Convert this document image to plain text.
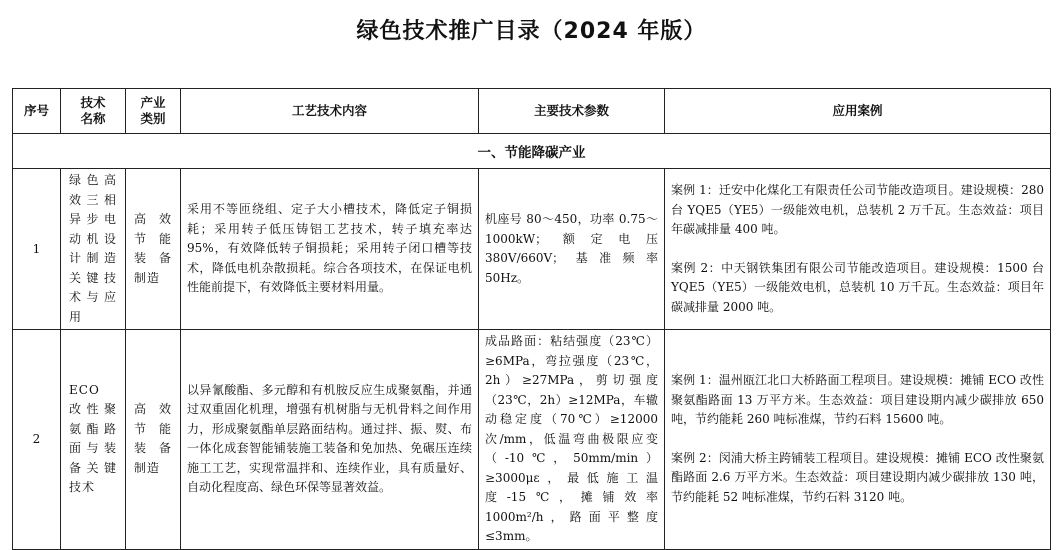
绿色技术推广目录（2024 年版）
序号	技术名称	产业类别	工艺技术内容	主要技术参数	应用案例
一、节能降碳产业					
1	绿色高效三相异步电动机设计制造关键技术与应用	高效节能装备制造	采用不等匝绕组、定子大小槽技术，降低定子铜损耗；采用转子低压铸铝工艺技术，转子填充率达 95%，有效降低转子铜损耗；采用转子闭口槽等技术，降低电机杂散损耗。综合各项技术，在保证电机性能前提下，有效降低主要材料用量。	机座号 80～450，功率 0.75～1000kW；额定电压 380V/660V；基准频率 50Hz。	案例 1：迁安中化煤化工有限责任公司节能改造项目。建设规模：280 台 YQE5（YE5）一级能效电机，总装机 2 万千瓦。生态效益：项目年碳减排量 400 吨。

案例 2：中天钢铁集团有限公司节能改造项目。建设规模：1500 台 YQE5（YE5）一级能效电机，总装机 10 万千瓦。生态效益：项目年碳减排量 2000 吨。

2	ECO 改性聚氨酯路面与装备关键技术	高效节能装备制造	以异氰酸酯、多元醇和有机胺反应生成聚氨酯，并通过双重固化机理，增强有机树脂与无机骨料之间作用力，形成聚氨酯单层路面结构。通过拌、振、熨、布一体化成套智能铺装施工装备和免加热、免碾压连续施工工艺，实现常温拌和、连续作业，具有质量好、自动化程度高、绿色环保等显著效益。	成品路面：粘结强度（23℃）≥6MPa，弯拉强度（23℃，2h）≥27MPa，剪切强度（23℃，2h）≥12MPa，车辙动稳定度（70℃）≥12000 次/mm，低温弯曲极限应变（-10℃，50mm/min）≥3000με，最低施工温度-15℃，摊铺效率 1000m²/h，路面平整度≤3mm。	案例 1：温州瓯江北口大桥路面工程项目。建设规模：摊铺 ECO 改性聚氨酯路面 13 万平方米。生态效益：项目建设期内减少碳排放 650 吨，节约能耗 260 吨标准煤，节约石料 15600 吨。

案例 2：闵浦大桥主跨铺装工程项目。建设规模：摊铺 ECO 改性聚氨酯路面 2.6 万平方米。生态效益：项目建设期内减少碳排放 130 吨，节约能耗 52 吨标准煤，节约石料 3120 吨。
